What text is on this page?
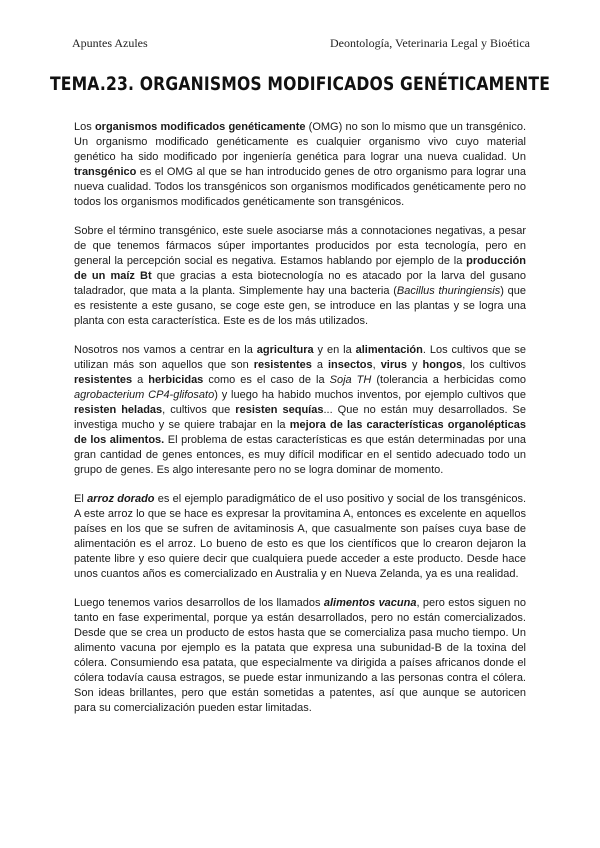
Apuntes Azules	Deontología, Veterinaria Legal y Bioética
TEMA.23. ORGANISMOS MODIFICADOS GENÉTICAMENTE

Los organismos modificados genéticamente (OMG) no son lo mismo que un transgénico. Un organismo modificado genéticamente es cualquier organismo vivo cuyo material genético ha sido modificado por ingeniería genética para lograr una nueva cualidad. Un transgénico es el OMG al que se han introducido genes de otro organismo para lograr una nueva cualidad. Todos los transgénicos son organismos modificados genéticamente pero no todos los organismos modificados genéticamente son transgénicos.

Sobre el término transgénico, este suele asociarse más a connotaciones negativas, a pesar de que tenemos fármacos súper importantes producidos por esta tecnología, pero en general la percepción social es negativa. Estamos hablando por ejemplo de la producción de un maíz Bt que gracias a esta biotecnología no es atacado por la larva del gusano taladrador, que mata a la planta. Simplemente hay una bacteria (Bacillus thuringiensis) que es resistente a este gusano, se coge este gen, se introduce en las plantas y se logra una planta con esta característica. Este es de los más utilizados.

Nosotros nos vamos a centrar en la agricultura y en la alimentación. Los cultivos que se utilizan más son aquellos que son resistentes a insectos, virus y hongos, los cultivos resistentes a herbicidas como es el caso de la Soja TH (tolerancia a herbicidas como agrobacterium CP4-glifosato) y luego ha habido muchos inventos, por ejemplo cultivos que resisten heladas, cultivos que resisten sequías... Que no están muy desarrollados. Se investiga mucho y se quiere trabajar en la mejora de las características organolépticas de los alimentos. El problema de estas características es que están determinadas por una gran cantidad de genes entonces, es muy difícil modificar en el sentido adecuado todo un grupo de genes. Es algo interesante pero no se logra dominar de momento.

El arroz dorado es el ejemplo paradigmático de el uso positivo y social de los transgénicos. A este arroz lo que se hace es expresar la provitamina A, entonces es excelente en aquellos países en los que se sufren de avitaminosis A, que casualmente son países cuya base de alimentación es el arroz. Lo bueno de esto es que los científicos que lo crearon dejaron la patente libre y eso quiere decir que cualquiera puede acceder a este producto. Desde hace unos cuantos años es comercializado en Australia y en Nueva Zelanda, ya es una realidad.

Luego tenemos varios desarrollos de los llamados alimentos vacuna, pero estos siguen no tanto en fase experimental, porque ya están desarrollados, pero no están comercializados. Desde que se crea un producto de estos hasta que se comercializa pasa mucho tiempo. Un alimento vacuna por ejemplo es la patata que expresa una subunidad-B de la toxina del cólera. Consumiendo esa patata, que especialmente va dirigida a países africanos donde el cólera todavía causa estragos, se puede estar inmunizando a las personas contra el cólera. Son ideas brillantes, pero que están sometidas a patentes, así que aunque se autoricen para su comercialización pueden estar limitadas.
